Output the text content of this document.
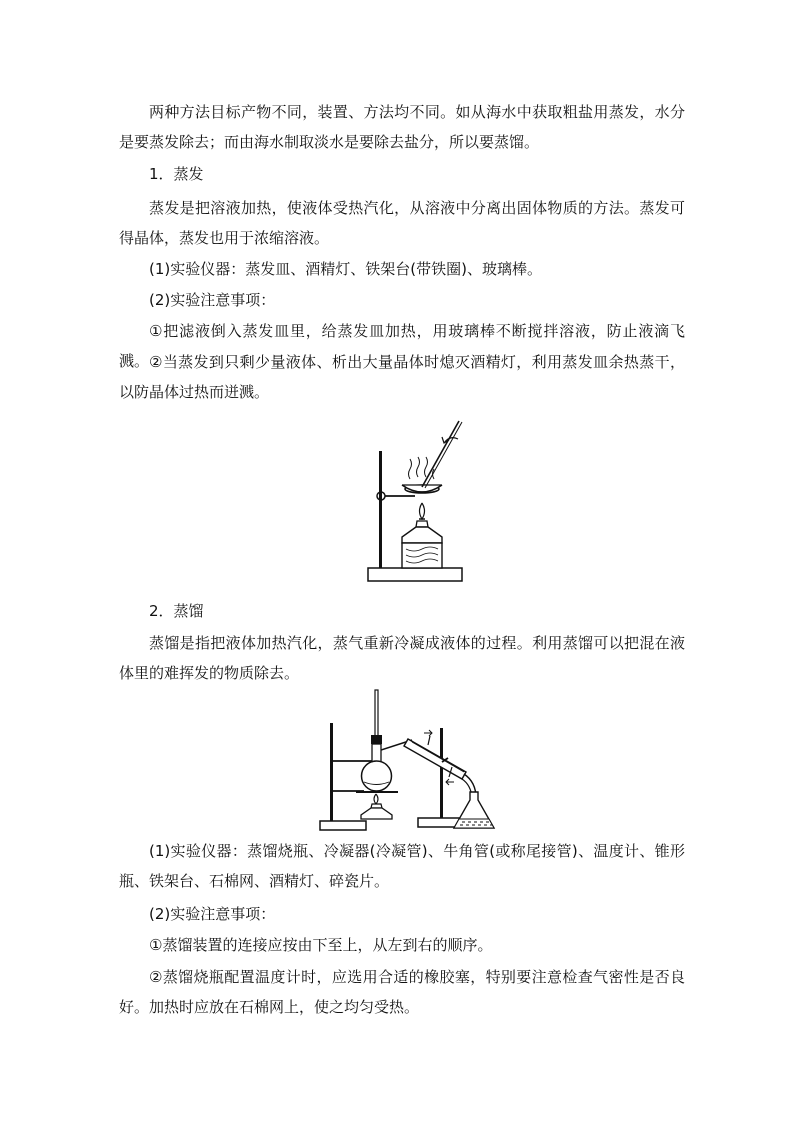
两种方法目标产物不同，装置、方法均不同。如从海水中获取粗盐用蒸发，水分是要蒸发除去；而由海水制取淡水是要除去盐分，所以要蒸馏。

1．蒸发

蒸发是把溶液加热，使液体受热汽化，从溶液中分离出固体物质的方法。蒸发可得晶体，蒸发也用于浓缩溶液。

(1)实验仪器：蒸发皿、酒精灯、铁架台(带铁圈)、玻璃棒。

(2)实验注意事项：

①把滤液倒入蒸发皿里，给蒸发皿加热，用玻璃棒不断搅拌溶液，防止液滴飞溅。 ②当蒸发到只剩少量液体、析出大量晶体时熄灭酒精灯，利用蒸发皿余热蒸干，以防晶体过热而迸溅。

2．蒸馏

蒸馏是指把液体加热汽化，蒸气重新冷凝成液体的过程。利用蒸馏可以把混在液体里的难挥发的物质除去。

(1)实验仪器：蒸馏烧瓶、冷凝器(冷凝管)、牛角管(或称尾接管)、温度计、锥形瓶、铁架台、石棉网、酒精灯、碎瓷片。

(2)实验注意事项：

①蒸馏装置的连接应按由下至上，从左到右的顺序。

②蒸馏烧瓶配置温度计时，应选用合适的橡胶塞，特别要注意检查气密性是否良好。加热时应放在石棉网上，使之均匀受热。
